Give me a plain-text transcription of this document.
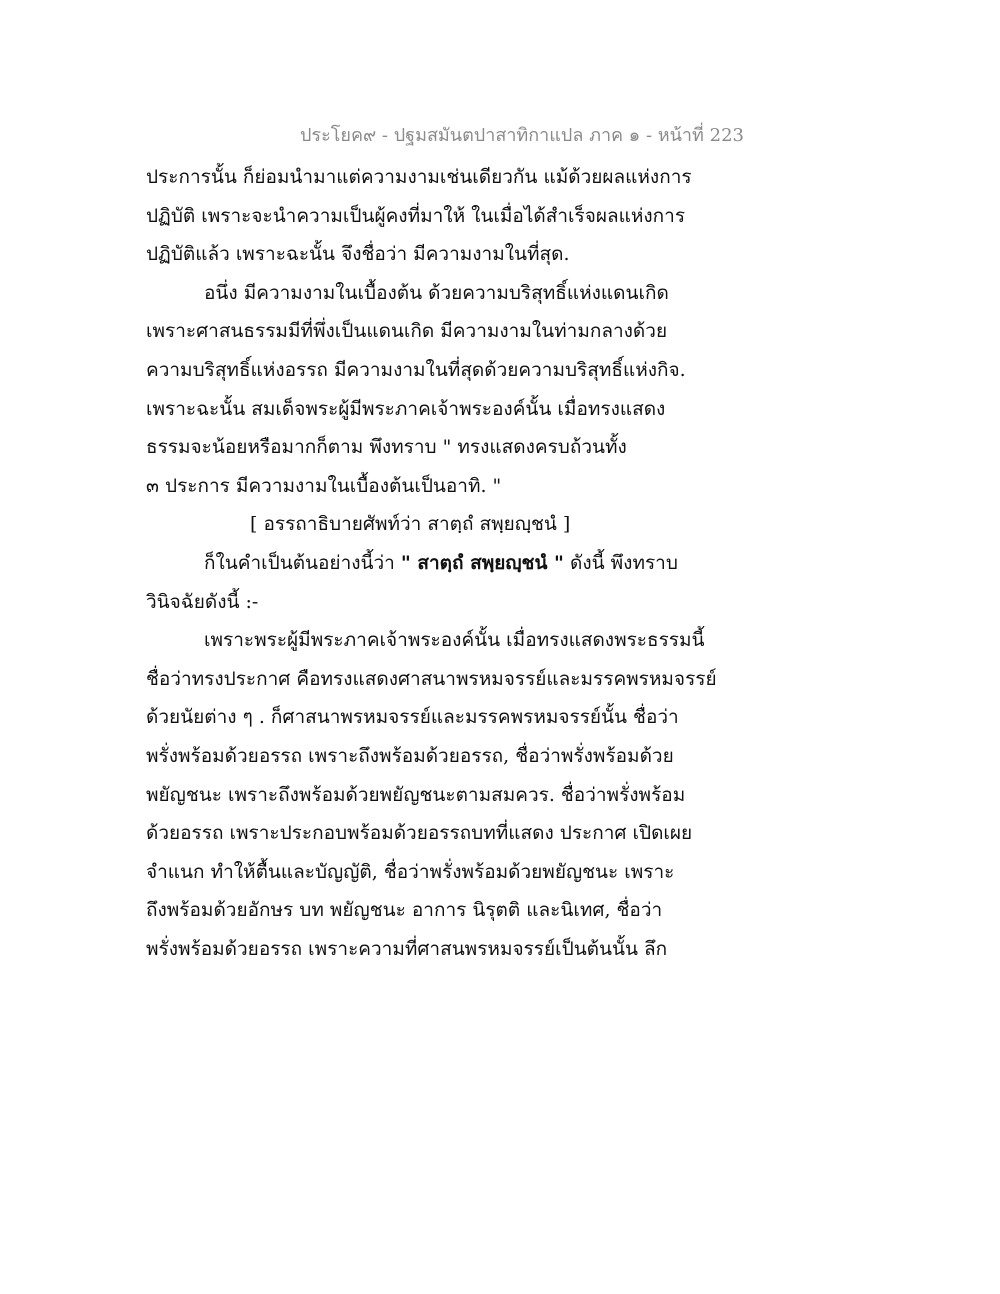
ประโยค๙ - ปฐมสมันตปาสาทิกาแปล ภาค ๑ - หน้าที่ 223
ประการนั้น ก็ย่อมนำมาแต่ความงามเช่นเดียวกัน แม้ด้วยผลแห่งการ
ปฏิบัติ เพราะจะนำความเป็นผู้คงที่มาให้ ในเมื่อได้สำเร็จผลแห่งการ
ปฏิบัติแล้ว เพราะฉะนั้น จึงชื่อว่า มีความงามในที่สุด.
อนึ่ง มีความงามในเบื้องต้น ด้วยความบริสุทธิ์แห่งแดนเกิด
เพราะศาสนธรรมมีที่พึ่งเป็นแดนเกิด มีความงามในท่ามกลางด้วย
ความบริสุทธิ์แห่งอรรถ มีความงามในที่สุดด้วยความบริสุทธิ์แห่งกิจ.
เพราะฉะนั้น สมเด็จพระผู้มีพระภาคเจ้าพระองค์นั้น เมื่อทรงแสดง
ธรรมจะน้อยหรือมากก็ตาม พึงทราบ " ทรงแสดงครบถ้วนทั้ง
๓ ประการ มีความงามในเบื้องต้นเป็นอาทิ. "
[ อรรถาธิบายศัพท์ว่า สาตฺถํ สพฺยญฺชนํ ]
ก็ในคำเป็นต้นอย่างนี้ว่า " สาตฺถํ สพฺยญฺชนํ " ดังนี้ พึงทราบ
วินิจฉัยดังนี้ :-
เพราะพระผู้มีพระภาคเจ้าพระองค์นั้น เมื่อทรงแสดงพระธรรมนี้
ชื่อว่าทรงประกาศ คือทรงแสดงศาสนาพรหมจรรย์และมรรคพรหมจรรย์
ด้วยนัยต่าง ๆ . ก็ศาสนาพรหมจรรย์และมรรคพรหมจรรย์นั้น ชื่อว่า
พรั่งพร้อมด้วยอรรถ เพราะถึงพร้อมด้วยอรรถ, ชื่อว่าพรั่งพร้อมด้วย
พยัญชนะ เพราะถึงพร้อมด้วยพยัญชนะตามสมควร. ชื่อว่าพรั่งพร้อม
ด้วยอรรถ เพราะประกอบพร้อมด้วยอรรถบทที่แสดง ประกาศ เปิดเผย
จำแนก ทำให้ตื้นและบัญญัติ, ชื่อว่าพรั่งพร้อมด้วยพยัญชนะ เพราะ
ถึงพร้อมด้วยอักษร บท พยัญชนะ อาการ นิรุตติ และนิเทศ, ชื่อว่า
พรั่งพร้อมด้วยอรรถ เพราะความที่ศาสนพรหมจรรย์เป็นต้นนั้น ลึก
